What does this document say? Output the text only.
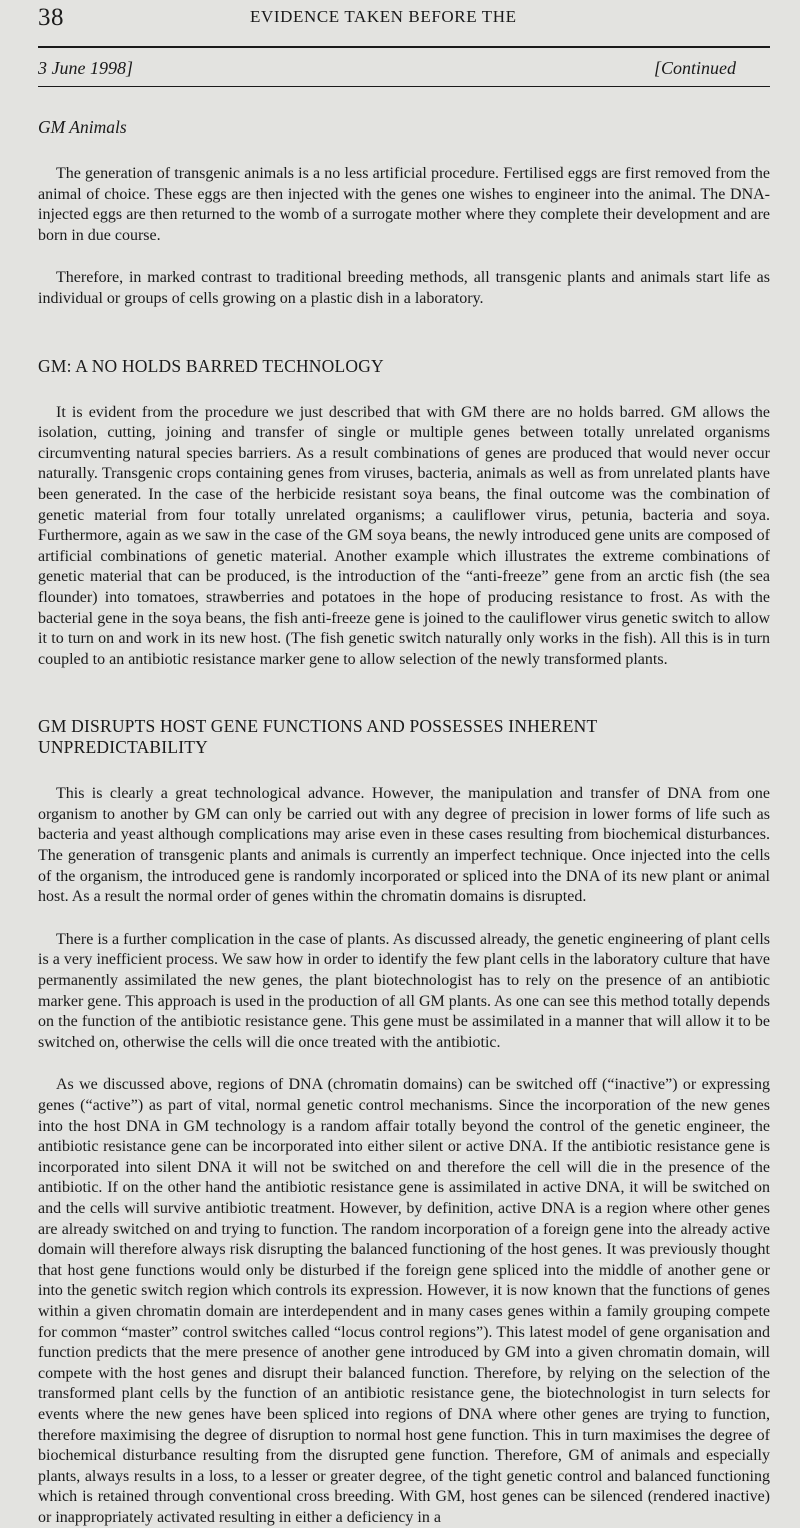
38	EVIDENCE TAKEN BEFORE THE
3 June 1998]	[Continued
GM Animals

The generation of transgenic animals is a no less artificial procedure. Fertilised eggs are first removed from the animal of choice. These eggs are then injected with the genes one wishes to engineer into the animal. The DNA-injected eggs are then returned to the womb of a surrogate mother where they complete their development and are born in due course.

Therefore, in marked contrast to traditional breeding methods, all transgenic plants and animals start life as individual or groups of cells growing on a plastic dish in a laboratory.

GM: A NO HOLDS BARRED TECHNOLOGY

It is evident from the procedure we just described that with GM there are no holds barred. GM allows the isolation, cutting, joining and transfer of single or multiple genes between totally unrelated organisms circumventing natural species barriers. As a result combinations of genes are produced that would never occur naturally. Transgenic crops containing genes from viruses, bacteria, animals as well as from unrelated plants have been generated. In the case of the herbicide resistant soya beans, the final outcome was the combination of genetic material from four totally unrelated organisms; a cauliflower virus, petunia, bacteria and soya. Furthermore, again as we saw in the case of the GM soya beans, the newly introduced gene units are composed of artificial combinations of genetic material. Another example which illustrates the extreme combinations of genetic material that can be produced, is the introduction of the “anti-freeze” gene from an arctic fish (the sea flounder) into tomatoes, strawberries and potatoes in the hope of producing resistance to frost. As with the bacterial gene in the soya beans, the fish anti-freeze gene is joined to the cauliflower virus genetic switch to allow it to turn on and work in its new host. (The fish genetic switch naturally only works in the fish). All this is in turn coupled to an antibiotic resistance marker gene to allow selection of the newly transformed plants.

GM DISRUPTS HOST GENE FUNCTIONS AND POSSESSES INHERENT UNPREDICTABILITY

This is clearly a great technological advance. However, the manipulation and transfer of DNA from one organism to another by GM can only be carried out with any degree of precision in lower forms of life such as bacteria and yeast although complications may arise even in these cases resulting from biochemical disturbances. The generation of transgenic plants and animals is currently an imperfect technique. Once injected into the cells of the organism, the introduced gene is randomly incorporated or spliced into the DNA of its new plant or animal host. As a result the normal order of genes within the chromatin domains is disrupted.

There is a further complication in the case of plants. As discussed already, the genetic engineering of plant cells is a very inefficient process. We saw how in order to identify the few plant cells in the laboratory culture that have permanently assimilated the new genes, the plant biotechnologist has to rely on the presence of an antibiotic marker gene. This approach is used in the production of all GM plants. As one can see this method totally depends on the function of the antibiotic resistance gene. This gene must be assimilated in a manner that will allow it to be switched on, otherwise the cells will die once treated with the antibiotic.

As we discussed above, regions of DNA (chromatin domains) can be switched off (“inactive”) or expressing genes (“active”) as part of vital, normal genetic control mechanisms. Since the incorporation of the new genes into the host DNA in GM technology is a random affair totally beyond the control of the genetic engineer, the antibiotic resistance gene can be incorporated into either silent or active DNA. If the antibiotic resistance gene is incorporated into silent DNA it will not be switched on and therefore the cell will die in the presence of the antibiotic. If on the other hand the antibiotic resistance gene is assimilated in active DNA, it will be switched on and the cells will survive antibiotic treatment. However, by definition, active DNA is a region where other genes are already switched on and trying to function. The random incorporation of a foreign gene into the already active domain will therefore always risk disrupting the balanced functioning of the host genes. It was previously thought that host gene functions would only be disturbed if the foreign gene spliced into the middle of another gene or into the genetic switch region which controls its expression. However, it is now known that the functions of genes within a given chromatin domain are interdependent and in many cases genes within a family grouping compete for common “master” control switches called “locus control regions”). This latest model of gene organisation and function predicts that the mere presence of another gene introduced by GM into a given chromatin domain, will compete with the host genes and disrupt their balanced function. Therefore, by relying on the selection of the transformed plant cells by the function of an antibiotic resistance gene, the biotechnologist in turn selects for events where the new genes have been spliced into regions of DNA where other genes are trying to function, therefore maximising the degree of disruption to normal host gene function. This in turn maximises the degree of biochemical disturbance resulting from the disrupted gene function. Therefore, GM of animals and especially plants, always results in a loss, to a lesser or greater degree, of the tight genetic control and balanced functioning which is retained through conventional cross breeding. With GM, host genes can be silenced (rendered inactive) or inappropriately activated resulting in either a deficiency in a
